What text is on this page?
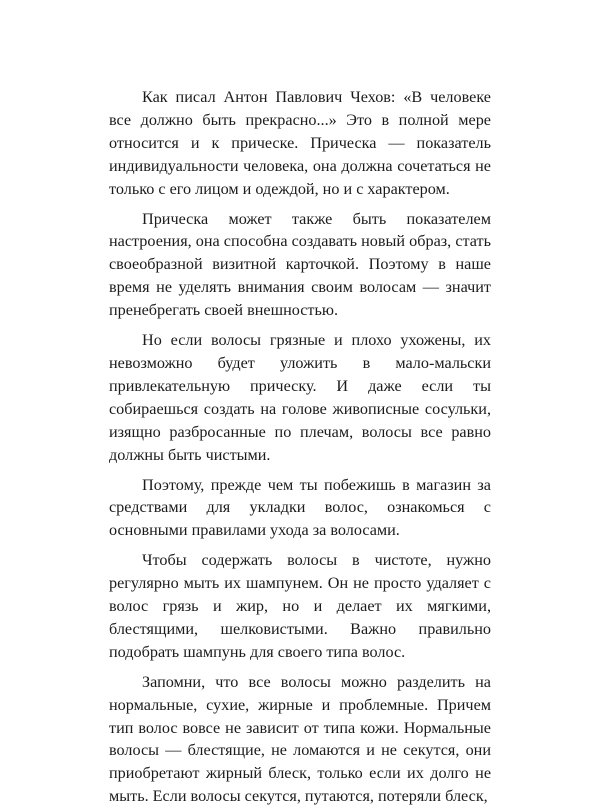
Как писал Антон Павлович Чехов: «В человеке все должно быть прекрасно...» Это в полной мере относится и к прическе. Прическа — показатель индивидуальности человека, она должна сочетаться не только с его лицом и одеждой, но и с характером.

Прическа может также быть показателем настроения, она способна создавать новый образ, стать своеобразной визитной карточкой. Поэтому в наше время не уделять внимания своим волосам — значит пренебрегать своей внешностью.

Но если волосы грязные и плохо ухожены, их невозможно будет уложить в мало-мальски привлекательную прическу. И даже если ты собираешься создать на голове живописные сосульки, изящно разбросанные по плечам, волосы все равно должны быть чистыми.

Поэтому, прежде чем ты побежишь в магазин за средствами для укладки волос, ознакомься с основными правилами ухода за волосами.

Чтобы содержать волосы в чистоте, нужно регулярно мыть их шампунем. Он не просто удаляет с волос грязь и жир, но и делает их мягкими, блестящими, шелковистыми. Важно правильно подобрать шампунь для своего типа волос.

Запомни, что все волосы можно разделить на нормальные, сухие, жирные и проблемные. Причем тип волос вовсе не зависит от типа кожи. Нормальные волосы — блестящие, не ломаются и не секутся, они приобретают жирный блеск, только если их долго не мыть. Если волосы секутся, путаются, потеряли блеск,
